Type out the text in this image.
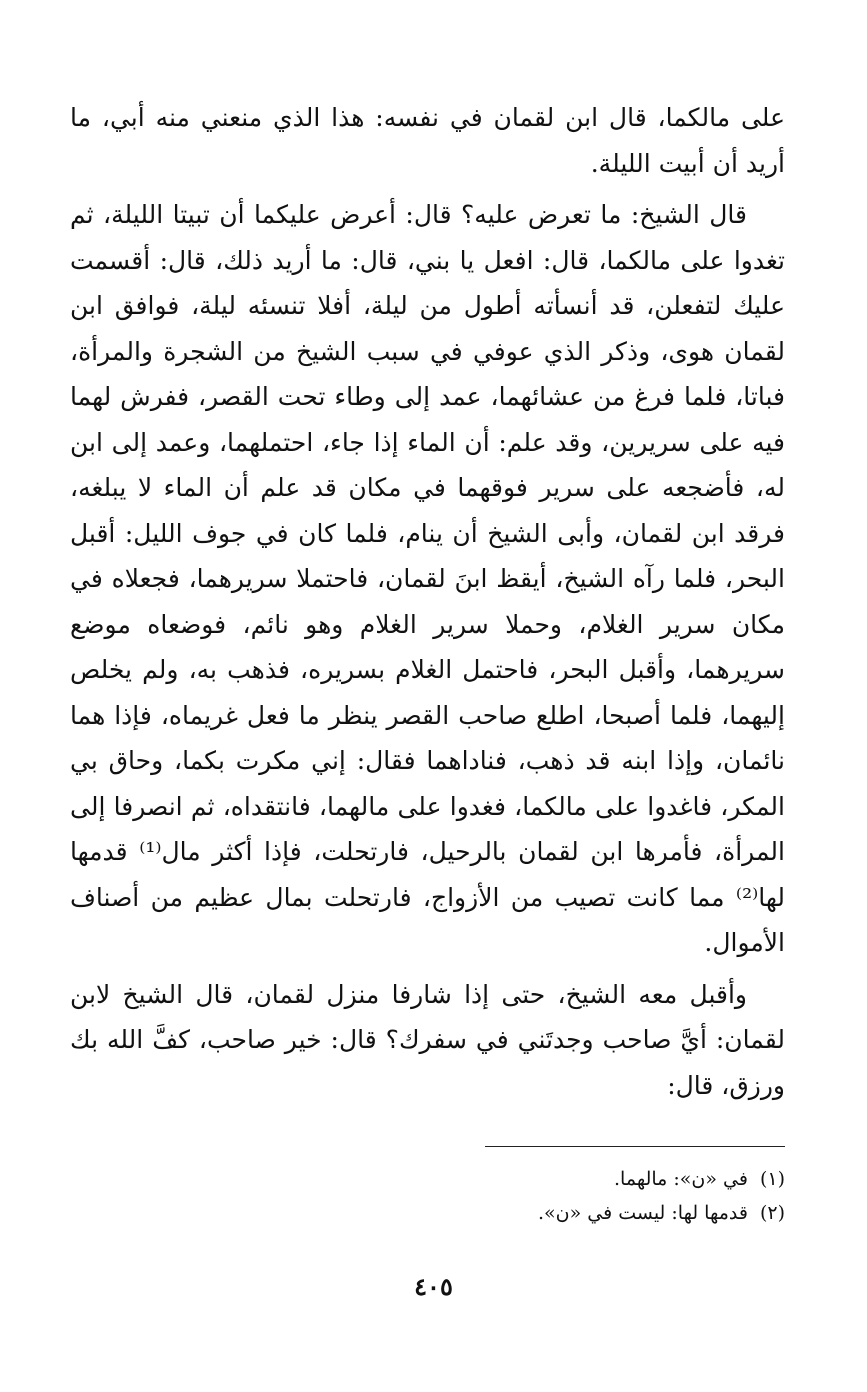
على مالكما، قال ابن لقمان في نفسه: هذا الذي منعني منه أبي، ما أريد أن أبيت الليلة.

قال الشيخ: ما تعرض عليه؟ قال: أعرض عليكما أن تبيتا الليلة، ثم تغدوا على مالكما، قال: افعل يا بني، قال: ما أريد ذلك، قال: أقسمت عليك لتفعلن، قد أنسأته أطول من ليلة، أفلا تنسئه ليلة، فوافق ابن لقمان هوى، وذكر الذي عوفي في سبب الشيخ من الشجرة والمرأة، فباتا، فلما فرغ من عشائهما، عمد إلى وطاء تحت القصر، ففرش لهما فيه على سريرين، وقد علم: أن الماء إذا جاء، احتملهما، وعمد إلى ابن له، فأضجعه على سرير فوقهما في مكان قد علم أن الماء لا يبلغه، فرقد ابن لقمان، وأبى الشيخ أن ينام، فلما كان في جوف الليل: أقبل البحر، فلما رآه الشيخ، أيقظ ابنَ لقمان، فاحتملا سريرهما، فجعلاه في مكان سرير الغلام، وحملا سرير الغلام وهو نائم، فوضعاه موضع سريرهما، وأقبل البحر، فاحتمل الغلام بسريره، فذهب به، ولم يخلص إليهما، فلما أصبحا، اطلع صاحب القصر ينظر ما فعل غريماه، فإذا هما نائمان، وإذا ابنه قد ذهب، فناداهما فقال: إني مكرت بكما، وحاق بي المكر، فاغدوا على مالكما، فغدوا على مالهما، فانتقداه، ثم انصرفا إلى المرأة، فأمرها ابن لقمان بالرحيل، فارتحلت، فإذا أكثر مال⁽¹⁾ قدمها لها⁽²⁾ مما كانت تصيب من الأزواج، فارتحلت بمال عظيم من أصناف الأموال.

وأقبل معه الشيخ، حتى إذا شارفا منزل لقمان، قال الشيخ لابن لقمان: أيَّ صاحب وجدتَني في سفرك؟ قال: خير صاحب، كفَّ الله بك ورزق، قال:

(١)في «ن»: مالهما.

(٢)قدمها لها: ليست في «ن».

٤٠٥
